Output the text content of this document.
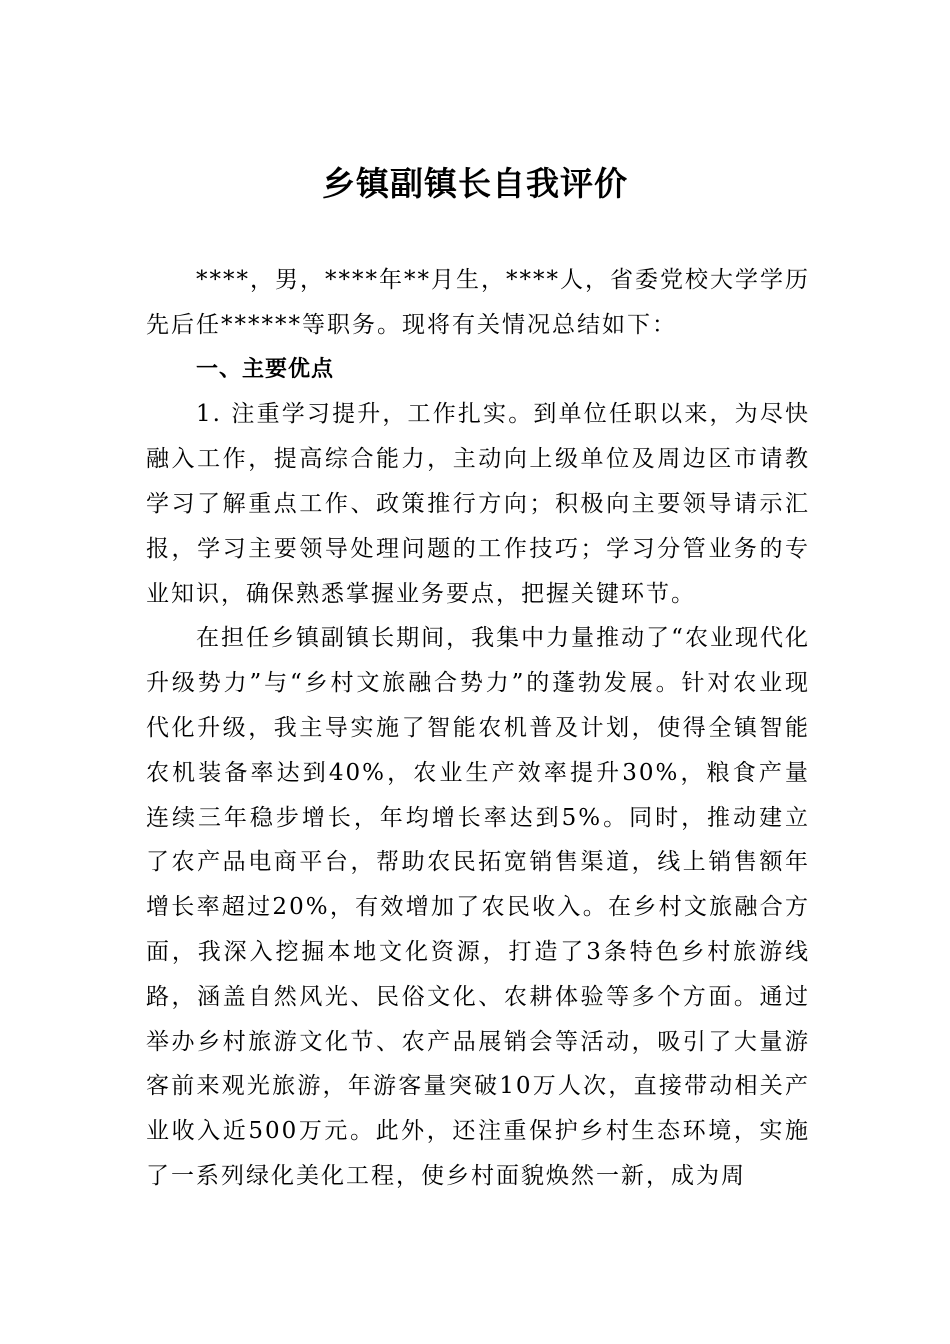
乡镇副镇长自我评价

****，男，****年**月生，****人，省委党校大学学历先后任******等职务。现将有关情况总结如下：

一、主要优点

1. 注重学习提升，工作扎实。到单位任职以来，为尽快融入工作，提高综合能力，主动向上级单位及周边区市请教学习了解重点工作、政策推行方向；积极向主要领导请示汇报，学习主要领导处理问题的工作技巧；学习分管业务的专业知识，确保熟悉掌握业务要点，把握关键环节。

在担任乡镇副镇长期间，我集中力量推动了“农业现代化升级势力”与“乡村文旅融合势力”的蓬勃发展。针对农业现代化升级，我主导实施了智能农机普及计划，使得全镇智能农机装备率达到40%，农业生产效率提升30%，粮食产量连续三年稳步增长，年均增长率达到5%。同时，推动建立了农产品电商平台，帮助农民拓宽销售渠道，线上销售额年增长率超过20%，有效增加了农民收入。在乡村文旅融合方面，我深入挖掘本地文化资源，打造了3条特色乡村旅游线路，涵盖自然风光、民俗文化、农耕体验等多个方面。通过举办乡村旅游文化节、农产品展销会等活动，吸引了大量游客前来观光旅游，年游客量突破10万人次，直接带动相关产业收入近500万元。此外，还注重保护乡村生态环境，实施了一系列绿化美化工程，使乡村面貌焕然一新，成为周
